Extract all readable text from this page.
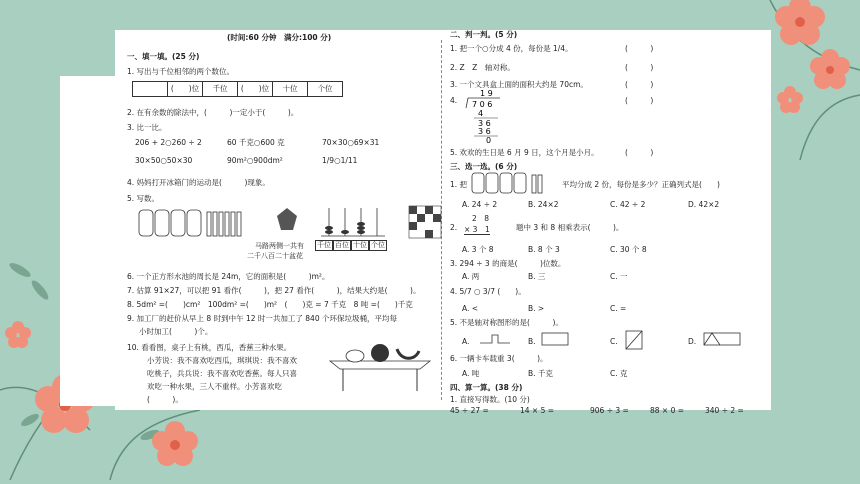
(时间:60 分钟　满分:100 分)
一、填一填。(25 分)
1. 写出与千位相邻的两个数位。
	(　　)位	千位	(　　)位	十位	个位
2. 在有余数的除法中，(　　　)一定小于(　　　)。
3. 比一比。
206 + 2○260 ÷ 2	60 千克○600 克	70×30○69×31
30×50○50×30	90m²○900dm²	1/9○1/11
4. 妈妈打开冰箱门的运动是(　　　)现象。
5. 写数。
马路两侧一共有
二千八百二十盆花
千位 百位 十位 个位
6. 一个正方形水池的周长是 24m，它的面积是(　　　)m²。
7. 估算 91×27，可以把 91 看作(　　　)，把 27 看作(　　　)，结果大约是(　　　)。
8. 5dm² =(　　)cm²　100dm² =(　　)m²　(　　)克 = 7 千克　8 吨 =(　　)千克
9. 加工厂的赶价从早上 8 时到中午 12 时一共加工了 840 个环保垃圾桶，平均每
小时加工(　　　)个。
10. 看看图，桌子上有桃，西瓜，香蕉三种水果。
小芳说：我不喜欢吃西瓜，琪琪说：我不喜欢
吃桃子，兵兵说：我不喜欢吃香蕉。每人只喜
欢吃一种水果，三人不重样。小芳喜欢吃
(　　　)。
二、判一判。(5 分)
1. 把一个○分成 4 份，每份是 1/4。	(　　　)
2. Z　Z　轴对称。	(　　　)
3. 一个文具盒上面的面积大约是 70cm。	(　　　)
4.
1 9
7 0 6
4
3 6
3 6
0
(　　　)
5. 欢欢的生日是 6 月 9 日，这个月是小月。	(　　　)
三、选一选。(6 分)
1. 把	平均分成 2 份，每份是多少？正确列式是(　　)
A. 24 ÷ 2	B. 24×2	C. 42 ÷ 2	D. 42×2
2.
2　8
× 3　1	题中 3 和 8 相乘表示(　　　)。
A. 3 个 8	B. 8 个 3	C. 30 个 8
3. 294 ÷ 3 的商是(　　　)位数。
A. 两	B. 三	C. 一
4. 5/7 ○ 3/7 (　　)。
A. <	B. >	C. =
5. 不是轴对称图形的是(　　　)。
A.	B.	C.	D.
6. 一辆卡车载重 3(　　　)。
A. 吨	B. 千克	C. 克
四、算一算。(38 分)
1. 直接写得数。(10 分)
45 ÷ 27 =	14 × 5 =	906 ÷ 3 =	88 × 0 =	340 ÷ 2 =
